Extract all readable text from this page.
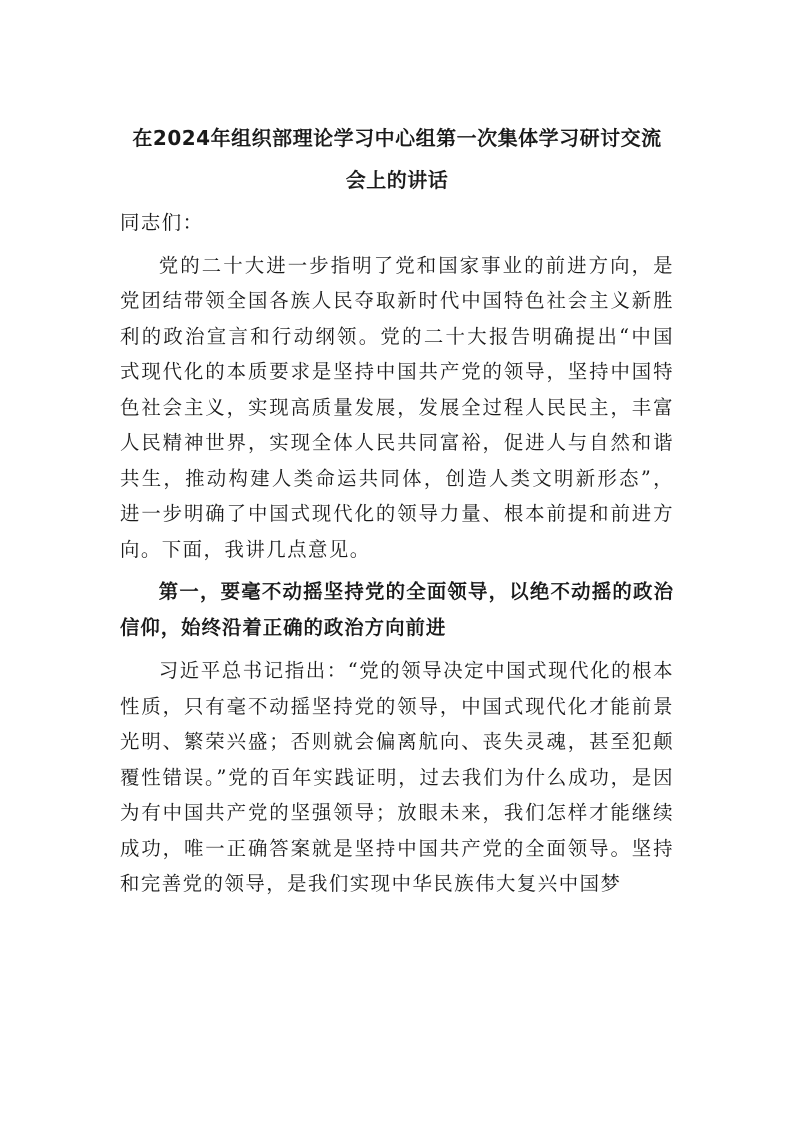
在2024年组织部理论学习中心组第一次集体学习研讨交流
会上的讲话

同志们：

党的二十大进一步指明了党和国家事业的前进方向，是党团结带领全国各族人民夺取新时代中国特色社会主义新胜利的政治宣言和行动纲领。党的二十大报告明确提出“中国式现代化的本质要求是坚持中国共产党的领导，坚持中国特色社会主义，实现高质量发展，发展全过程人民民主，丰富人民精神世界，实现全体人民共同富裕，促进人与自然和谐共生，推动构建人类命运共同体，创造人类文明新形态”，进一步明确了中国式现代化的领导力量、根本前提和前进方向。下面，我讲几点意见。

第一，要毫不动摇坚持党的全面领导，以绝不动摇的政治信仰，始终沿着正确的政治方向前进

习近平总书记指出：“党的领导决定中国式现代化的根本性质，只有毫不动摇坚持党的领导，中国式现代化才能前景光明、繁荣兴盛；否则就会偏离航向、丧失灵魂，甚至犯颠覆性错误。”党的百年实践证明，过去我们为什么成功，是因为有中国共产党的坚强领导；放眼未来，我们怎样才能继续成功，唯一正确答案就是坚持中国共产党的全面领导。坚持和完善党的领导，是我们实现中华民族伟大复兴中国梦
